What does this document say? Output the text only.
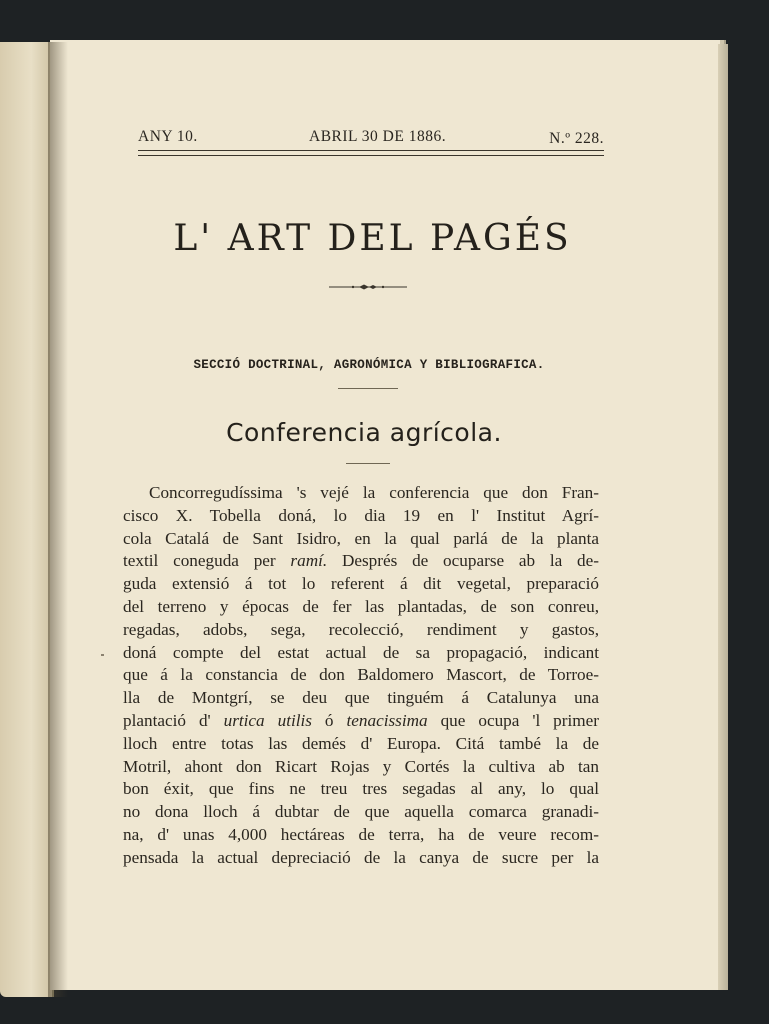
ANY 10.	ABRIL 30 DE 1886.	N.º 228.
L' ART DEL PAGÉS
SECCIÓ DOCTRINAL, AGRONÓMICA Y BIBLIOGRAFICA.
Conferencia agrícola.
Concorregudíssima 's vejé la conferencia que don Fran-
cisco X. Tobella doná, lo dia 19 en l' Institut Agrí-
cola Catalá de Sant Isidro, en la qual parlá de la planta
textil coneguda per ramí. Després de ocuparse ab la de-
guda extensió á tot lo referent á dit vegetal, preparació
del terreno y épocas de fer las plantadas, de son conreu,
regadas, adobs, sega, recolecció, rendiment y gastos,
doná compte del estat actual de sa propagació, indicant
que á la constancia de don Baldomero Mascort, de Torroe-
lla de Montgrí, se deu que tinguém á Catalunya una
plantació d' urtica utilis ó tenacissima que ocupa 'l primer
lloch entre totas las demés d' Europa. Citá també la de
Motril, ahont don Ricart Rojas y Cortés la cultiva ab tan
bon éxit, que fins ne treu tres segadas al any, lo qual
no dona lloch á dubtar de que aquella comarca granadi-
na, d' unas 4,000 hectáreas de terra, ha de veure recom-
pensada la actual depreciació de la canya de sucre per la
